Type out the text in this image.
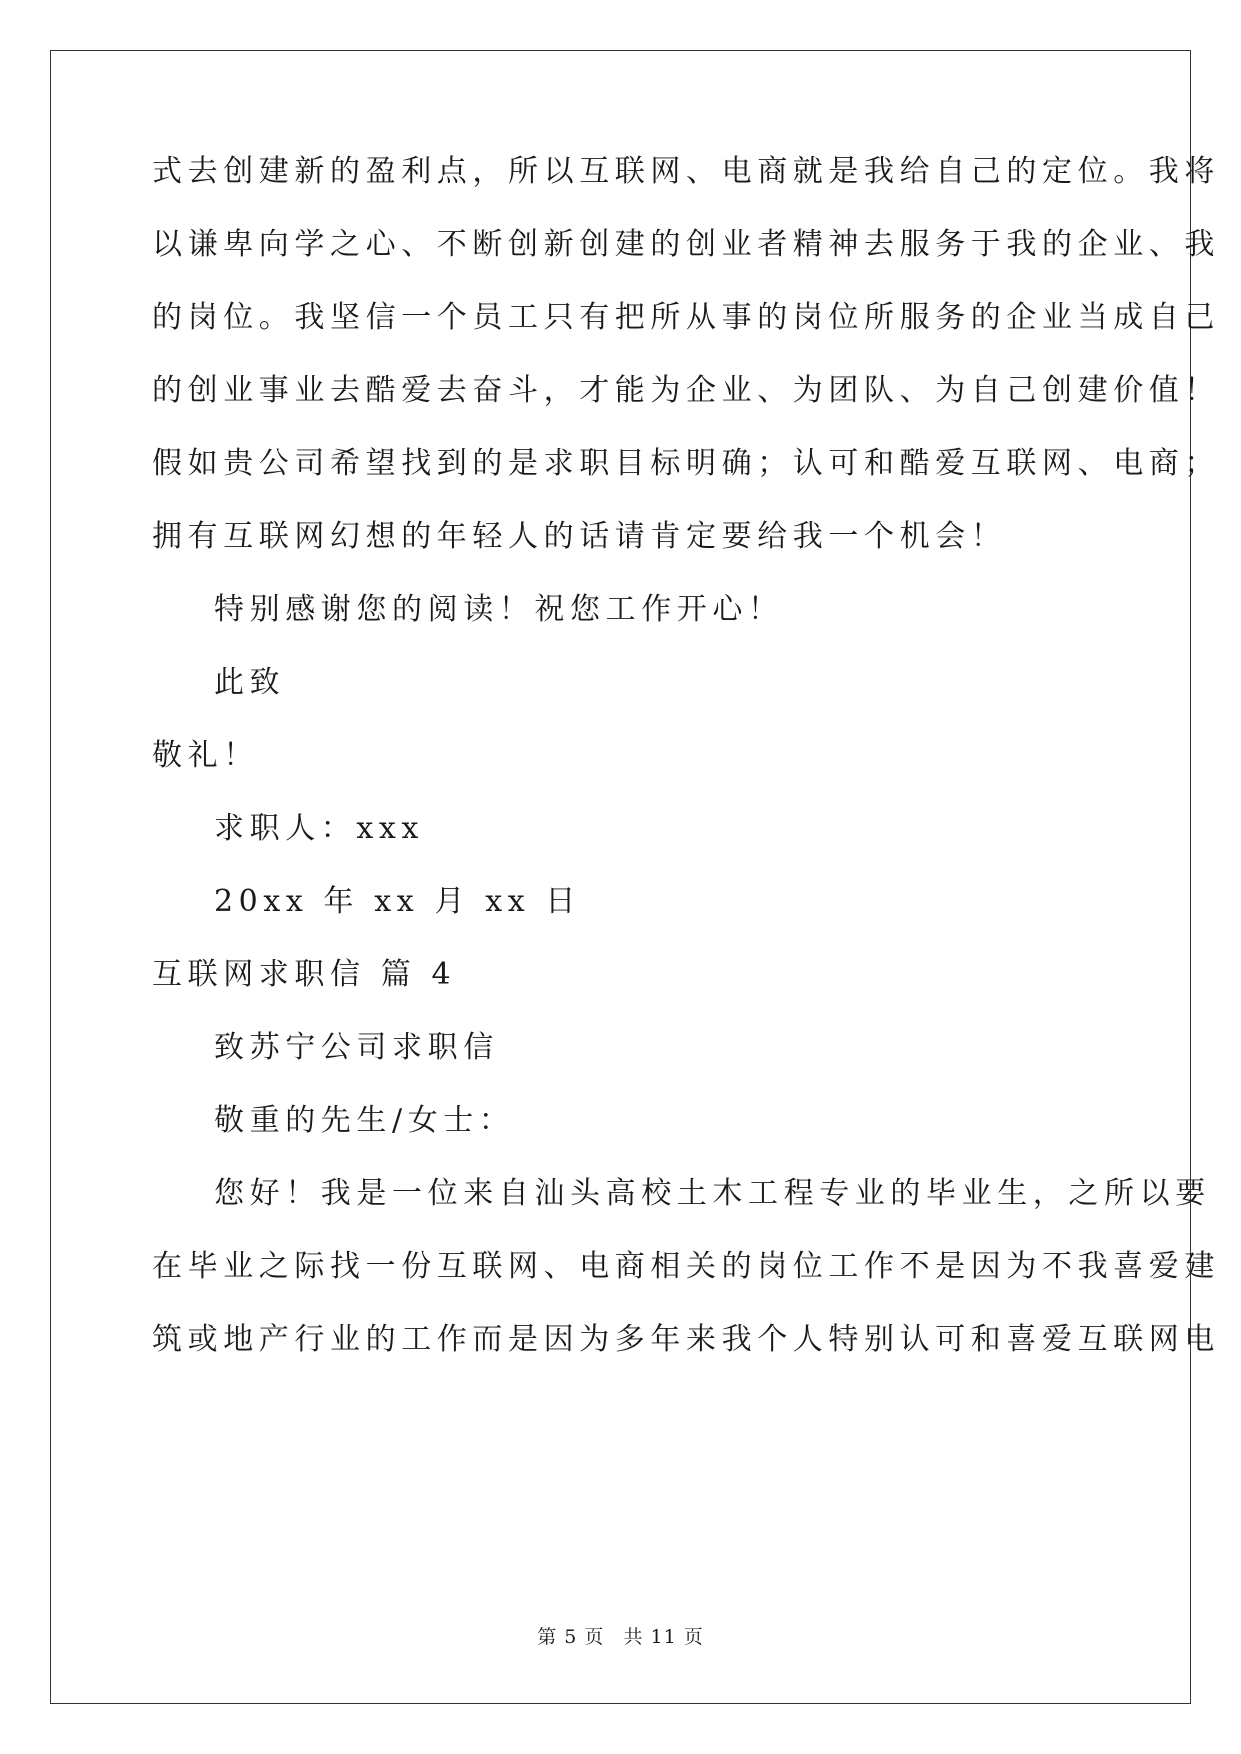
式去创建新的盈利点，所以互联网、电商就是我给自己的定位。我将
以谦卑向学之心、不断创新创建的创业者精神去服务于我的企业、我
的岗位。我坚信一个员工只有把所从事的岗位所服务的企业当成自己
的创业事业去酷爱去奋斗，才能为企业、为团队、为自己创建价值！
假如贵公司希望找到的是求职目标明确；认可和酷爱互联网、电商；
拥有互联网幻想的年轻人的话请肯定要给我一个机会！
特别感谢您的阅读！祝您工作开心！
此致
敬礼！
求职人：xxx
20xx 年 xx 月 xx 日
互联网求职信 篇 4
致苏宁公司求职信
敬重的先生/女士：
您好！我是一位来自汕头高校土木工程专业的毕业生，之所以要
在毕业之际找一份互联网、电商相关的岗位工作不是因为不我喜爱建
筑或地产行业的工作而是因为多年来我个人特别认可和喜爱互联网电
第 5 页 共 11 页
